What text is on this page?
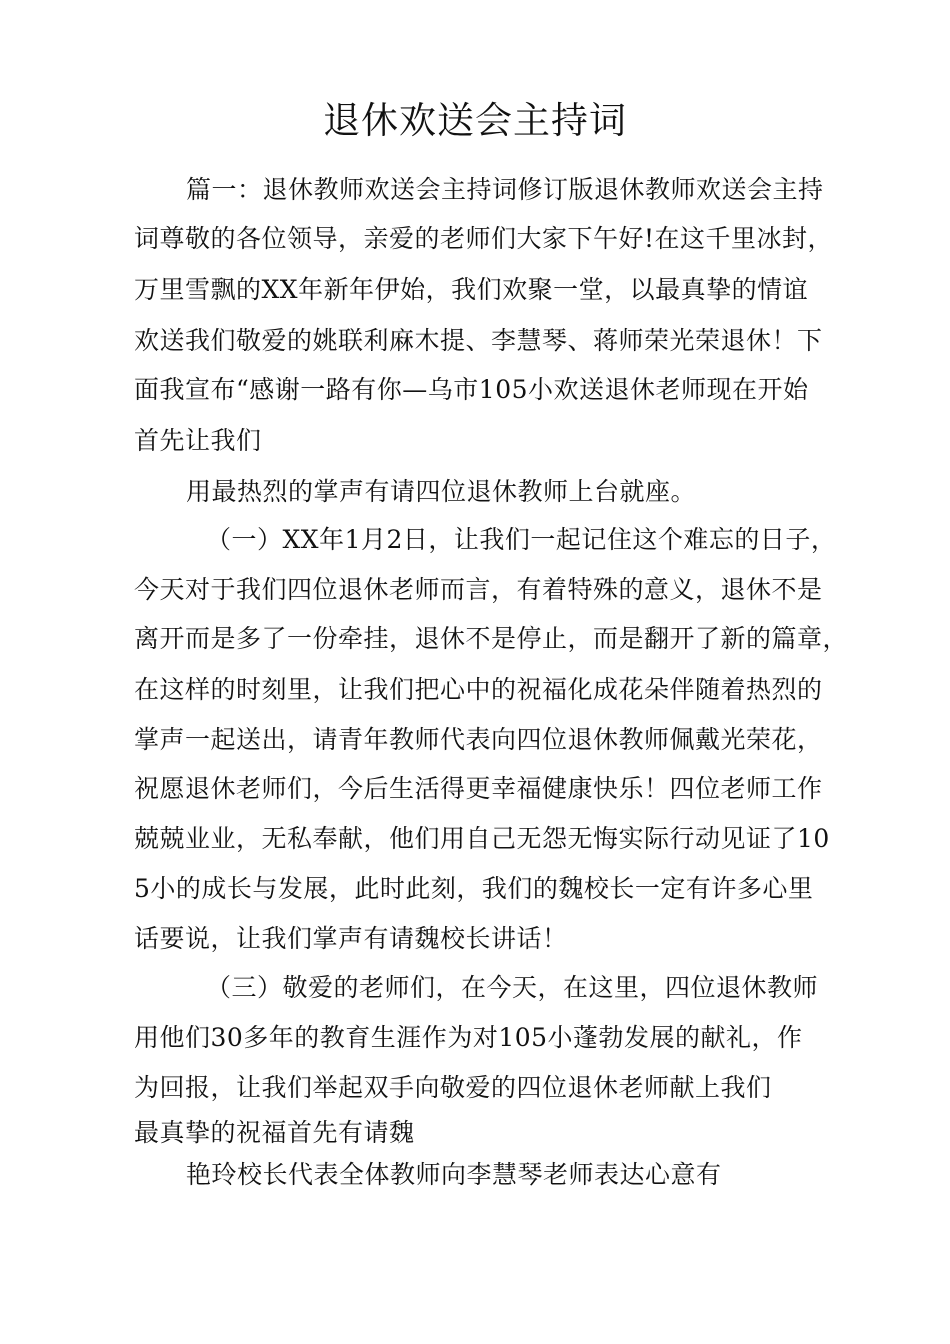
退休欢送会主持词
篇一：退休教师欢送会主持词修订版退休教师欢送会主持
词尊敬的各位领导，亲爱的老师们大家下午好!在这千里冰封，
万里雪飘的XX年新年伊始，我们欢聚一堂，以最真挚的情谊
欢送我们敬爱的姚联利麻木提、李慧琴、蒋师荣光荣退休！下
面我宣布“感谢一路有你—乌市105小欢送退休老师现在开始
首先让我们
用最热烈的掌声有请四位退休教师上台就座。
（一）XX年1月2日，让我们一起记住这个难忘的日子，
今天对于我们四位退休老师而言，有着特殊的意义，退休不是
离开而是多了一份牵挂，退休不是停止，而是翻开了新的篇章，
在这样的时刻里，让我们把心中的祝福化成花朵伴随着热烈的
掌声一起送出，请青年教师代表向四位退休教师佩戴光荣花，
祝愿退休老师们，今后生活得更幸福健康快乐！四位老师工作
兢兢业业，无私奉献，他们用自己无怨无悔实际行动见证了10
5小的成长与发展，此时此刻，我们的魏校长一定有许多心里
话要说，让我们掌声有请魏校长讲话！
（三）敬爱的老师们，在今天，在这里，四位退休教师
用他们30多年的教育生涯作为对105小蓬勃发展的献礼，作
为回报，让我们举起双手向敬爱的四位退休老师献上我们
最真挚的祝福首先有请魏
艳玲校长代表全体教师向李慧琴老师表达心意有
